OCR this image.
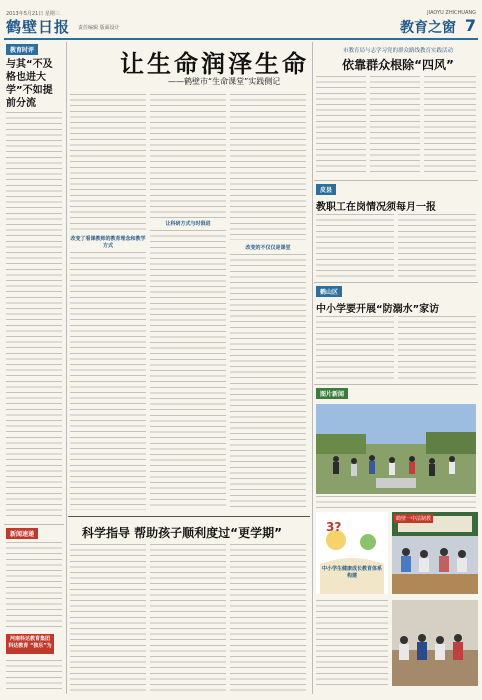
2013年5月21日 星期三	JIAOYU ZHICHUANG
鹤壁日报 责任编辑 版面设计	教育之窗 7
教育时评
与其“不及格也进大学”不如提前分流
新闻速递
河南科达教育集团
科达教育 “独乐”为
让生命润泽生命
——鹤壁市“生命课堂”实践侧记
改变了看课教师的教育理念和教学方式
让科研方式与时俱进
改变的不仅仅是课堂
科学指导 帮助孩子顺利度过“更学期”
市教育局与志学习党的群众路线教育实践活动
依靠群众根除“四风”
皮县
教职工在岗情况须每月一报
鹤山区
中小学要开展“防溺水”家访
图片新闻
鹤壁一中法制教
3?
中小学生健康成长教育体系构建
